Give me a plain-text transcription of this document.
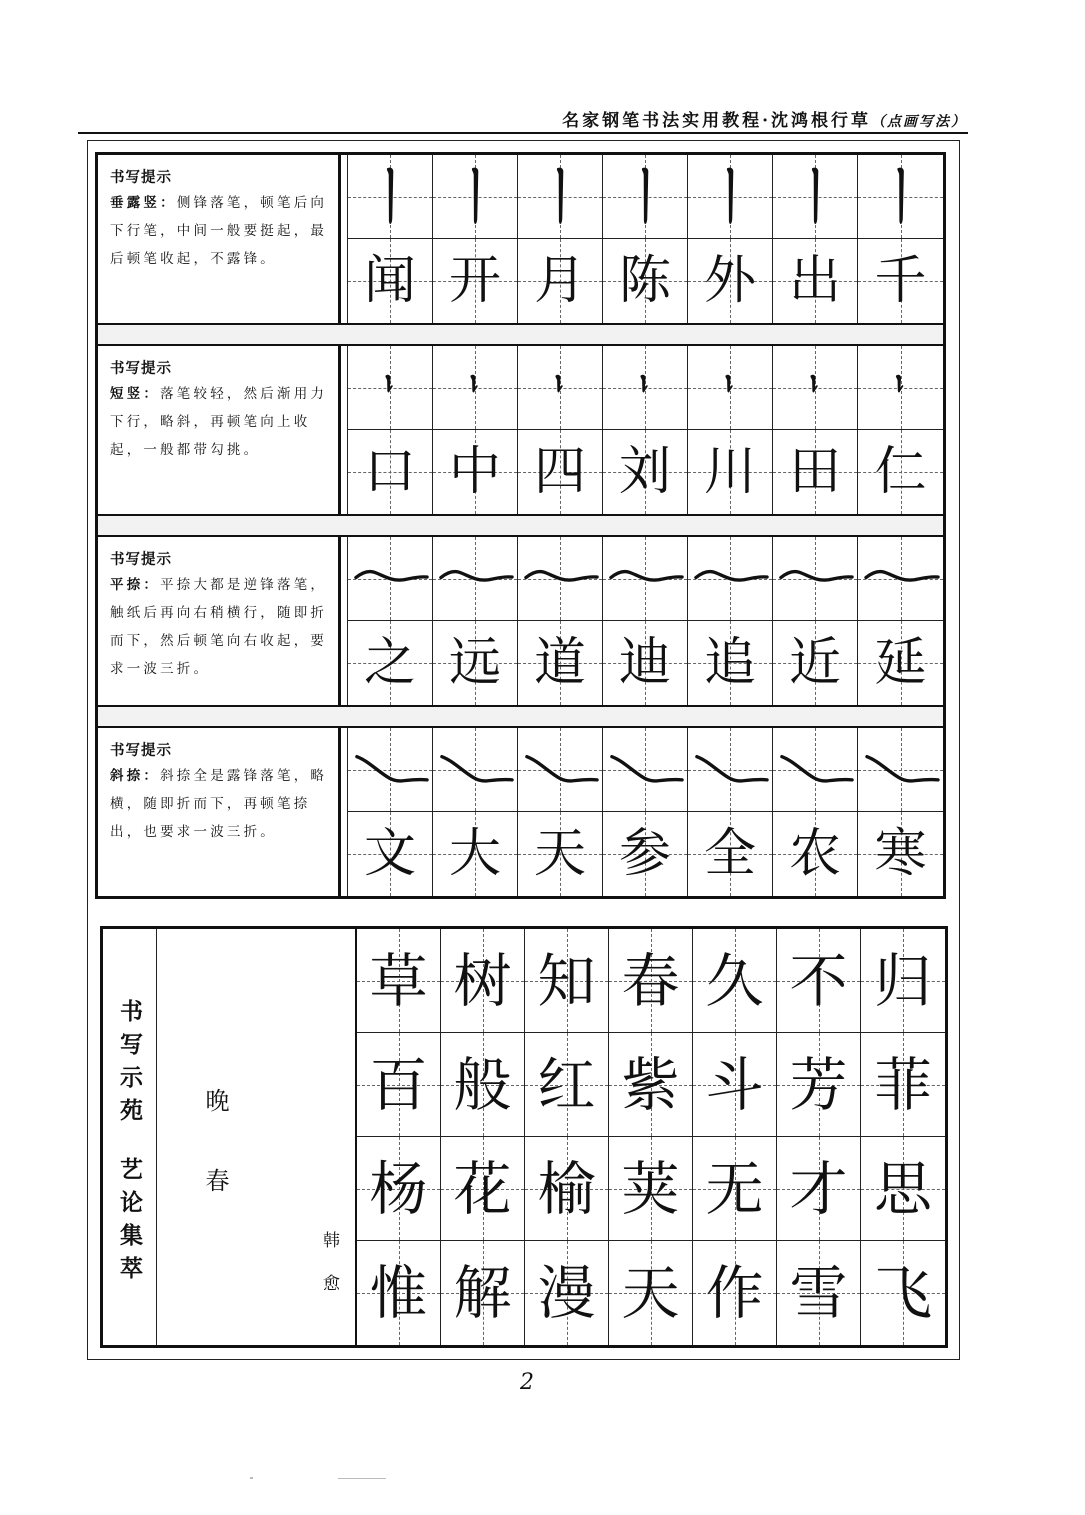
名家钢笔书法实用教程·沈鸿根行草（点画写法）
书写提示
垂露竖：侧锋落笔，顿笔后向
下行笔，中间一般要挺起，最
后顿笔收起，不露锋。	闻 开 月 陈 外 出 千
书写提示
短竖：落笔较轻，然后渐用力
下行，略斜，再顿笔向上收
起，一般都带勾挑。	口 中 四 刘 川 田 仁
书写提示
平捺：平捺大都是逆锋落笔，
触纸后再向右稍横行，随即折
而下，然后顿笔向右收起，要
求一波三折。	之 远 道 迪 追 近 延
书写提示
斜捺：斜捺全是露锋落笔，略
横，随即折而下，再顿笔捺
出，也要求一波三折。	文 大 天 参 全 农 寒
书写示苑
艺论集萃 晚春
韩愈
草 树 知 春 久 不 归
百 般 红 紫 斗 芳 菲
杨 花 榆 荚 无 才 思
惟 解 漫 天 作 雪 飞
2
